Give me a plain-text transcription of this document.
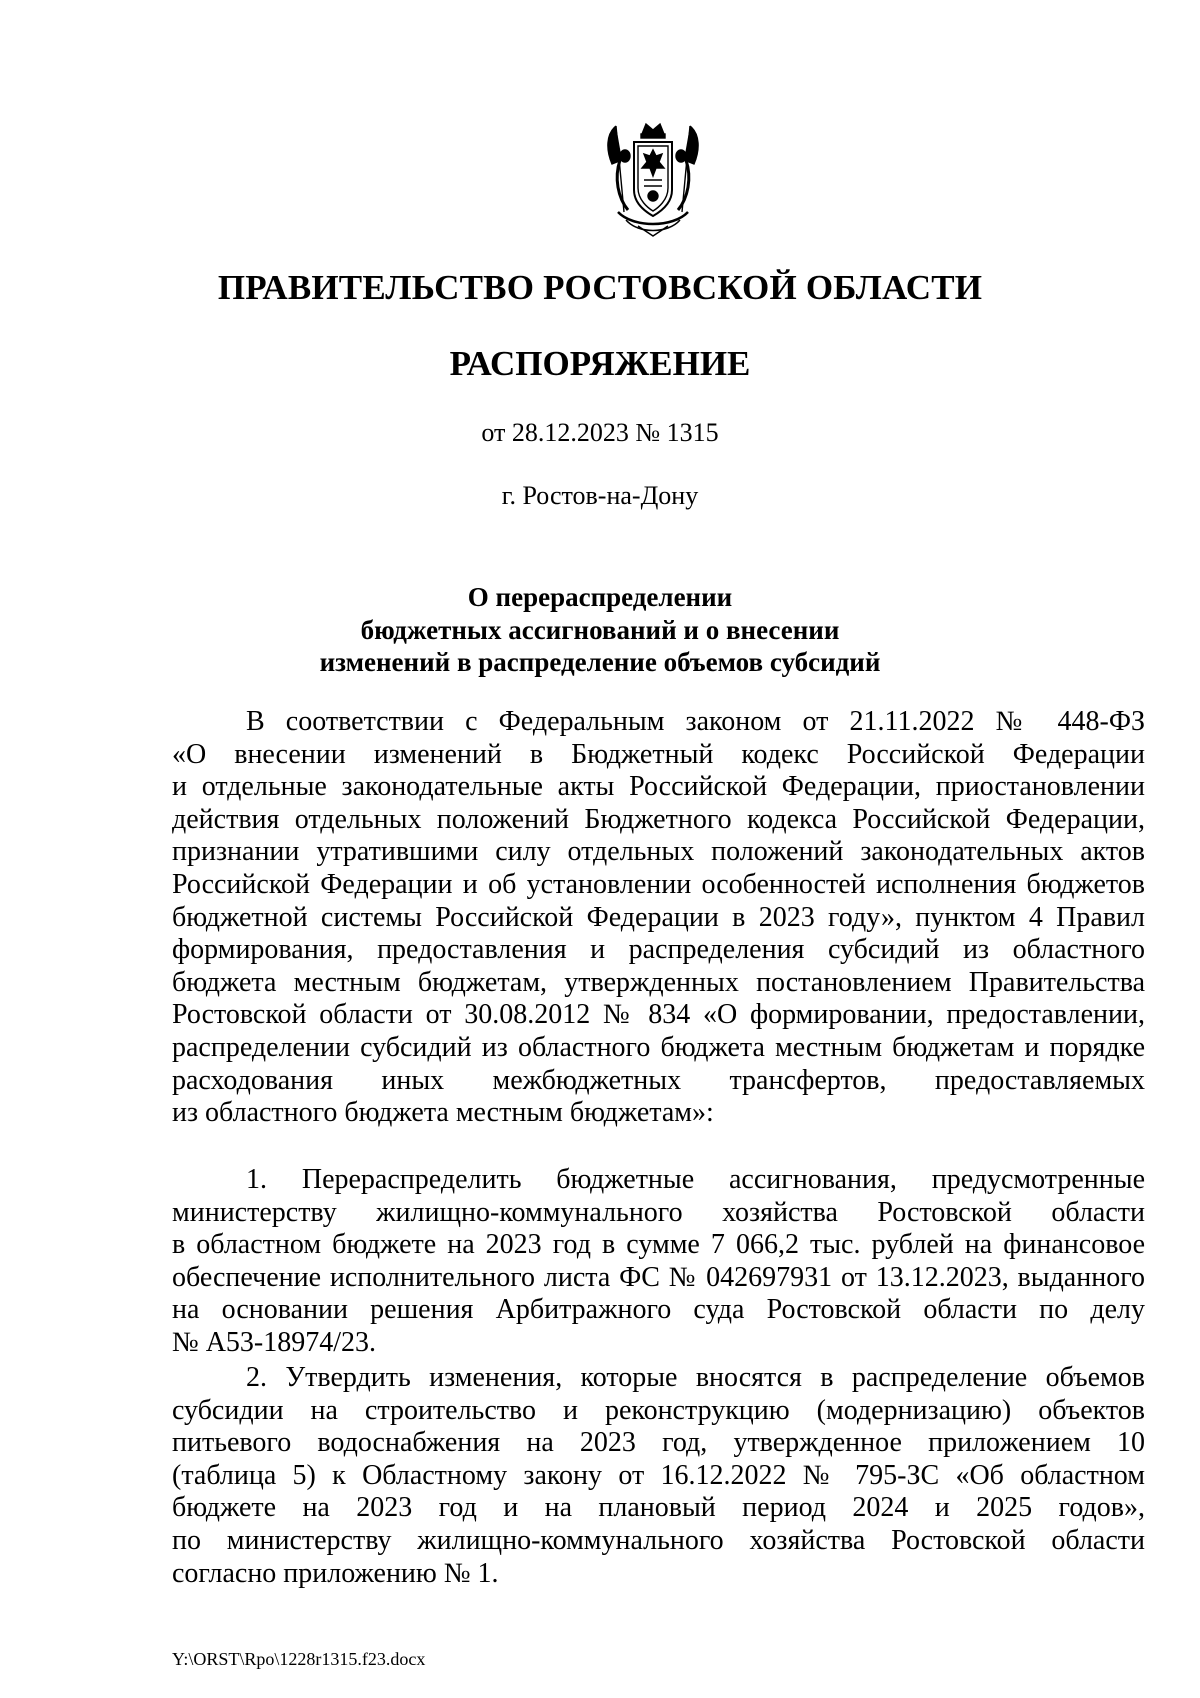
ПРАВИТЕЛЬСТВО РОСТОВСКОЙ ОБЛАСТИ
РАСПОРЯЖЕНИЕ
от 28.12.2023 № 1315
г. Ростов-на-Дону
О перераспределении
бюджетных ассигнований и о внесении
изменений в распределение объемов субсидий
В соответствии с Федеральным законом от 21.11.2022 № 448-ФЗ
«О внесении изменений в Бюджетный кодекс Российской Федерации
и отдельные законодательные акты Российской Федерации, приостановлении
действия отдельных положений Бюджетного кодекса Российской Федерации,
признании утратившими силу отдельных положений законодательных актов
Российской Федерации и об установлении особенностей исполнения бюджетов
бюджетной системы Российской Федерации в 2023 году», пунктом 4 Правил
формирования, предоставления и распределения субсидий из областного
бюджета местным бюджетам, утвержденных постановлением Правительства
Ростовской области от 30.08.2012 № 834 «О формировании, предоставлении,
распределении субсидий из областного бюджета местным бюджетам и порядке
расходования иных межбюджетных трансфертов, предоставляемых
из областного бюджета местным бюджетам»:
1. Перераспределить бюджетные ассигнования, предусмотренные
министерству жилищно-коммунального хозяйства Ростовской области
в областном бюджете на 2023 год в сумме 7 066,2 тыс. рублей на финансовое
обеспечение исполнительного листа ФС № 042697931 от 13.12.2023, выданного
на основании решения Арбитражного суда Ростовской области по делу
№ А53-18974/23.
2. Утвердить изменения, которые вносятся в распределение объемов
субсидии на строительство и реконструкцию (модернизацию) объектов
питьевого водоснабжения на 2023 год, утвержденное приложением 10
(таблица 5) к Областному закону от 16.12.2022 № 795-ЗС «Об областном
бюджете на 2023 год и на плановый период 2024 и 2025 годов»,
по министерству жилищно-коммунального хозяйства Ростовской области
согласно приложению № 1.
Y:\ORST\Rpo\1228r1315.f23.docx
